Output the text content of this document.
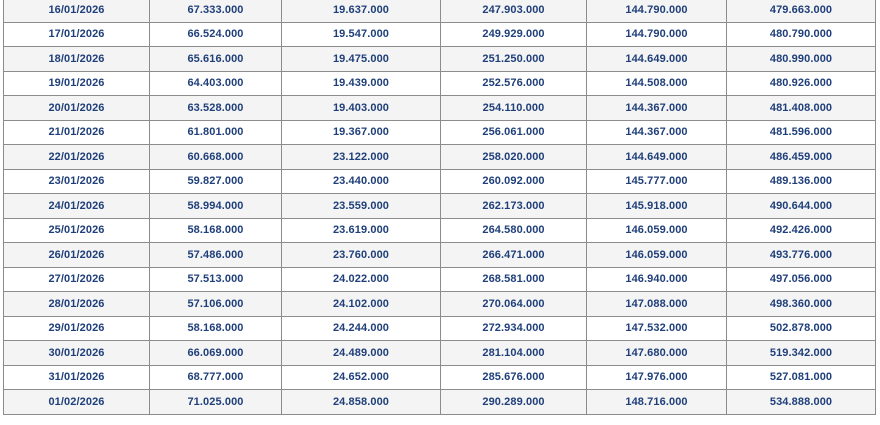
16/01/2026	67.333.000	19.637.000	247.903.000	144.790.000	479.663.000
17/01/2026	66.524.000	19.547.000	249.929.000	144.790.000	480.790.000
18/01/2026	65.616.000	19.475.000	251.250.000	144.649.000	480.990.000
19/01/2026	64.403.000	19.439.000	252.576.000	144.508.000	480.926.000
20/01/2026	63.528.000	19.403.000	254.110.000	144.367.000	481.408.000
21/01/2026	61.801.000	19.367.000	256.061.000	144.367.000	481.596.000
22/01/2026	60.668.000	23.122.000	258.020.000	144.649.000	486.459.000
23/01/2026	59.827.000	23.440.000	260.092.000	145.777.000	489.136.000
24/01/2026	58.994.000	23.559.000	262.173.000	145.918.000	490.644.000
25/01/2026	58.168.000	23.619.000	264.580.000	146.059.000	492.426.000
26/01/2026	57.486.000	23.760.000	266.471.000	146.059.000	493.776.000
27/01/2026	57.513.000	24.022.000	268.581.000	146.940.000	497.056.000
28/01/2026	57.106.000	24.102.000	270.064.000	147.088.000	498.360.000
29/01/2026	58.168.000	24.244.000	272.934.000	147.532.000	502.878.000
30/01/2026	66.069.000	24.489.000	281.104.000	147.680.000	519.342.000
31/01/2026	68.777.000	24.652.000	285.676.000	147.976.000	527.081.000
01/02/2026	71.025.000	24.858.000	290.289.000	148.716.000	534.888.000
